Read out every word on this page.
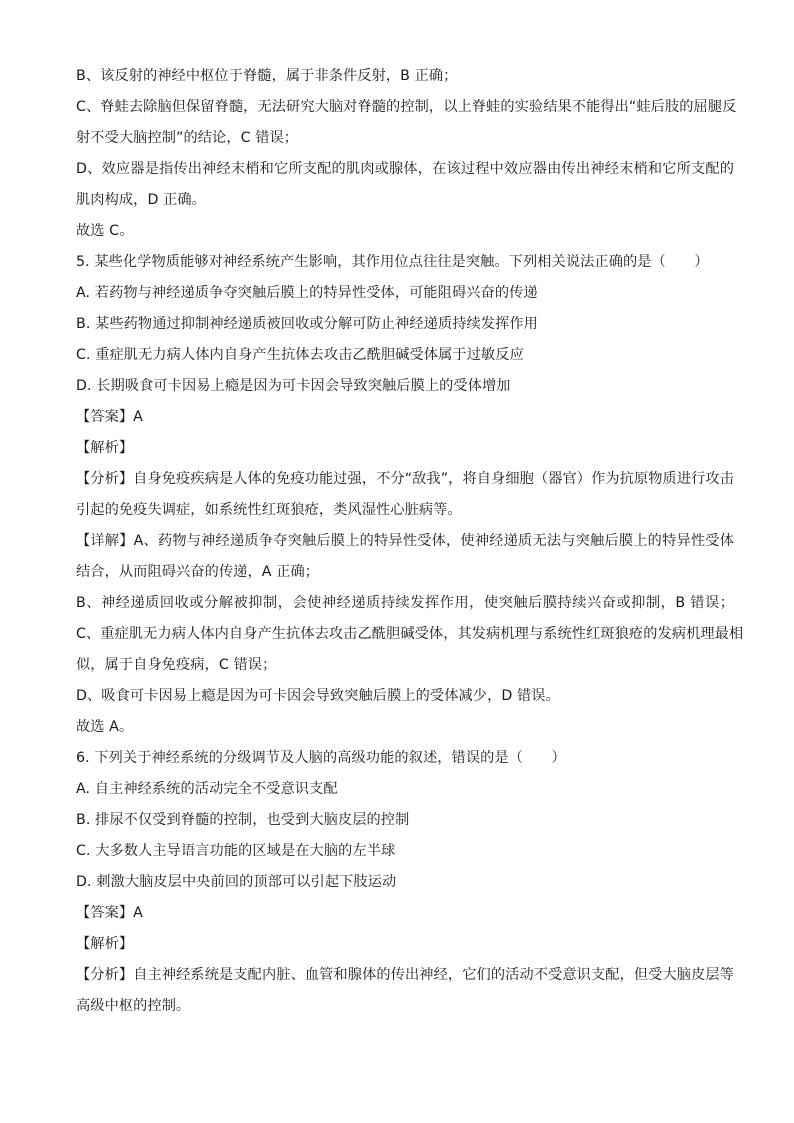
B、该反射的神经中枢位于脊髓，属于非条件反射，B 正确；
C、脊蛙去除脑但保留脊髓，无法研究大脑对脊髓的控制，以上脊蛙的实验结果不能得出“蛙后肢的屈腿反
射不受大脑控制”的结论，C 错误；
D、效应器是指传出神经末梢和它所支配的肌肉或腺体，在该过程中效应器由传出神经末梢和它所支配的
肌肉构成，D 正确。
故选 C。
5. 某些化学物质能够对神经系统产生影响，其作用位点往往是突触。下列相关说法正确的是（　　）
A. 若药物与神经递质争夺突触后膜上的特异性受体，可能阻碍兴奋的传递
B. 某些药物通过抑制神经递质被回收或分解可防止神经递质持续发挥作用
C. 重症肌无力病人体内自身产生抗体去攻击乙酰胆碱受体属于过敏反应
D. 长期吸食可卡因易上瘾是因为可卡因会导致突触后膜上的受体增加
【答案】A
【解析】
【分析】自身免疫疾病是人体的免疫功能过强，不分“敌我”，将自身细胞（器官）作为抗原物质进行攻击
引起的免疫失调症，如系统性红斑狼疮，类风湿性心脏病等。
【详解】A、药物与神经递质争夺突触后膜上的特异性受体，使神经递质无法与突触后膜上的特异性受体
结合，从而阻碍兴奋的传递，A 正确；
B、神经递质回收或分解被抑制，会使神经递质持续发挥作用，使突触后膜持续兴奋或抑制，B 错误；
C、重症肌无力病人体内自身产生抗体去攻击乙酰胆碱受体，其发病机理与系统性红斑狼疮的发病机理最相
似，属于自身免疫病，C 错误；
D、吸食可卡因易上瘾是因为可卡因会导致突触后膜上的受体减少，D 错误。
故选 A。
6. 下列关于神经系统的分级调节及人脑的高级功能的叙述，错误的是（　　）
A. 自主神经系统的活动完全不受意识支配
B. 排尿不仅受到脊髓的控制，也受到大脑皮层的控制
C. 大多数人主导语言功能的区域是在大脑的左半球
D. 刺激大脑皮层中央前回的顶部可以引起下肢运动
【答案】A
【解析】
【分析】自主神经系统是支配内脏、血管和腺体的传出神经，它们的活动不受意识支配，但受大脑皮层等
高级中枢的控制。
